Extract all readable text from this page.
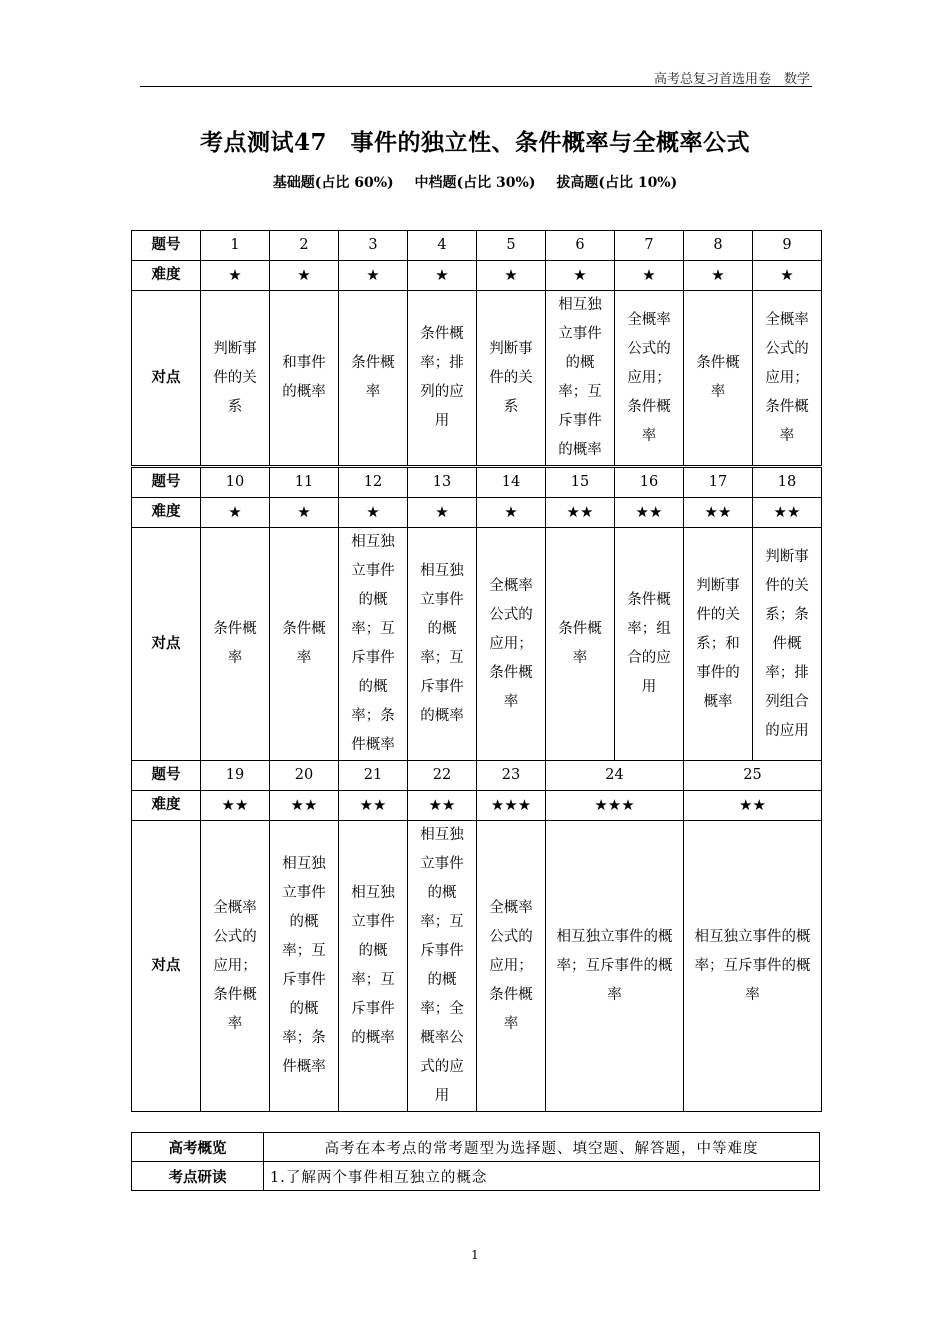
高考总复习首选用卷　数学
考点测试47　事件的独立性、条件概率与全概率公式
基础题(占比 60%) 中档题(占比 30%) 拔高题(占比 10%)
题号	1	2	3	4	5	6	7	8	9
难度	★	★	★	★	★	★	★	★	★
对点	判断事件的关系	和事件的概率	条件概率	条件概率；排列的应用	判断事件的关系	相互独立事件的概率；互斥事件的概率	全概率公式的应用；条件概率	条件概率	全概率公式的应用；条件概率
题号	10	11	12	13	14	15	16	17	18
难度	★	★	★	★	★	★★	★★	★★	★★
对点	条件概率	条件概率	相互独立事件的概率；互斥事件的概率；条件概率	相互独立事件的概率；互斥事件的概率	全概率公式的应用；条件概率	条件概率	条件概率；组合的应用	判断事件的关系；和事件的概率	判断事件的关系；条件概率；排列组合的应用
题号	19	20	21	22	23	24		25	
难度	★★	★★	★★	★★	★★★	★★★		★★	
对点	全概率公式的应用；条件概率	相互独立事件的概率；互斥事件的概率；条件概率	相互独立事件的概率；互斥事件的概率	相互独立事件的概率；互斥事件的概率；全概率公式的应用	全概率公式的应用；条件概率	相互独立事件的概率；互斥事件的概率		相互独立事件的概率；互斥事件的概率	
高考概览	高考在本考点的常考题型为选择题、填空题、解答题，中等难度
考点研读	1.了解两个事件相互独立的概念
1
